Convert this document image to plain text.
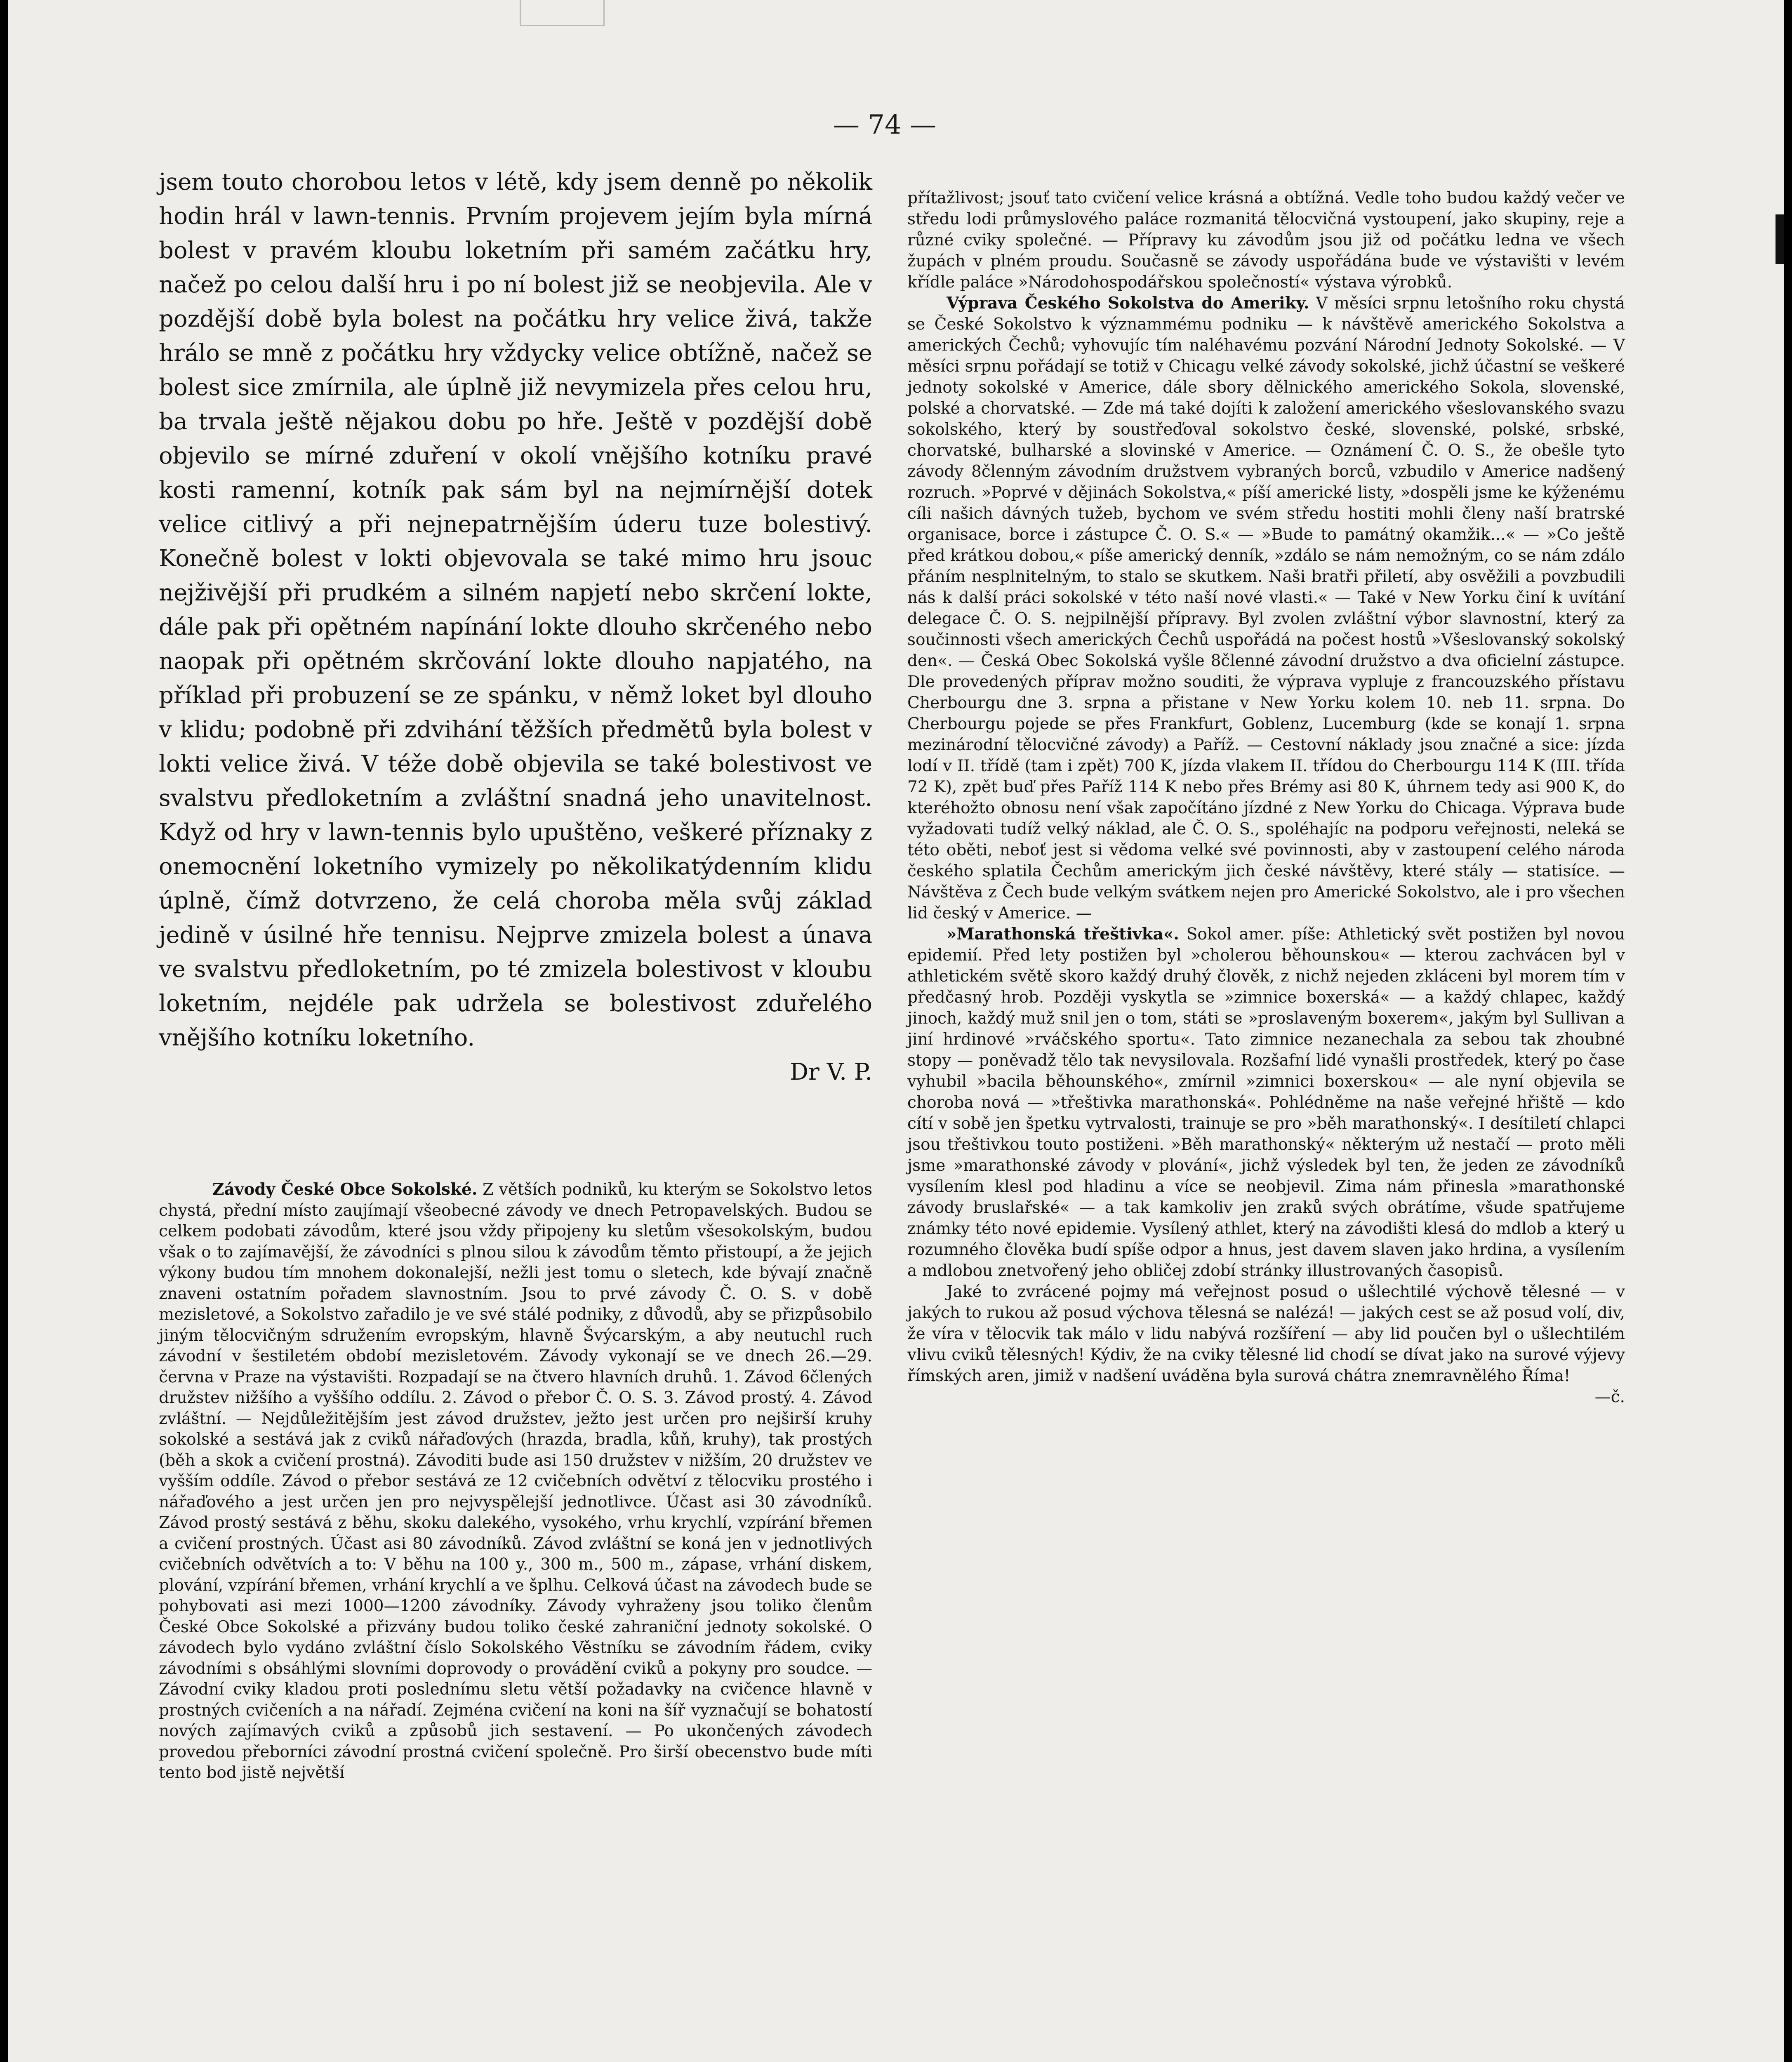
— 74 —

jsem touto chorobou letos v létě, kdy jsem denně po několik hodin hrál v lawn-tennis. Prvním projevem jejím byla mírná bolest v pravém kloubu loketním při samém začátku hry, načež po celou další hru i po ní bolest již se neobjevila. Ale v pozdější době byla bolest na počátku hry velice živá, takže hrálo se mně z počátku hry vždycky velice obtížně, načež se bolest sice zmírnila, ale úplně již nevymizela přes celou hru, ba trvala ještě nějakou dobu po hře. Ještě v pozdější době objevilo se mírné zduření v okolí vnějšího kotníku pravé kosti ramenní, kotník pak sám byl na nejmírnější dotek velice citlivý a při nejnepatrnějším úderu tuze bolestivý. Konečně bolest v lokti objevovala se také mimo hru jsouc nejživější při prudkém a silném napjetí nebo skrčení lokte, dále pak při opětném napínání lokte dlouho skrčeného nebo naopak při opětném skrčování lokte dlouho napjatého, na příklad při probuzení se ze spánku, v němž loket byl dlouho v klidu; podobně při zdvihání těžších předmětů byla bolest v lokti velice živá. V téže době objevila se také bolestivost ve svalstvu předloketním a zvláštní snadná jeho unavitelnost. Když od hry v lawn-tennis bylo upuštěno, veškeré příznaky z onemocnění loketního vymizely po několikatýdenním klidu úplně, čímž dotvrzeno, že celá choroba měla svůj základ jedině v úsilné hře tennisu. Nejprve zmizela bolest a únava ve svalstvu předloketním, po té zmizela bolestivost v kloubu loketním, nejdéle pak udržela se bolestivost zduřelého vnějšího kotníku loketního.

Dr V. P.

Závody České Obce Sokolské. Z větších podniků, ku kterým se Sokolstvo letos chystá, přední místo zaujímají všeobecné závody ve dnech Petropavelských. Budou se celkem podobati závodům, které jsou vždy připojeny ku sletům všesokolským, budou však o to zajímavější, že závodníci s plnou silou k závodům těmto přistoupí, a že jejich výkony budou tím mnohem dokonalejší, nežli jest tomu o sletech, kde bývají značně znaveni ostatním pořadem slavnostním. Jsou to prvé závody Č. O. S. v době mezisletové, a Sokolstvo zařadilo je ve své stálé podniky, z důvodů, aby se přizpůsobilo jiným tělocvičným sdružením evropským, hlavně Švýcarským, a aby neutuchl ruch závodní v šestiletém období mezisletovém. Závody vykonají se ve dnech 26.—29. června v Praze na výstavišti. Rozpadají se na čtvero hlavních druhů. 1. Závod 6člených družstev nižšího a vyššího oddílu. 2. Závod o přebor Č. O. S. 3. Závod prostý. 4. Závod zvláštní. — Nejdůležitějším jest závod družstev, ježto jest určen pro nejširší kruhy sokolské a sestává jak z cviků nářaďových (hrazda, bradla, kůň, kruhy), tak prostých (běh a skok a cvičení prostná). Závoditi bude asi 150 družstev v nižším, 20 družstev ve vyšším oddíle. Závod o přebor sestává ze 12 cvičebních odvětví z tělocviku prostého i nářaďového a jest určen jen pro nejvyspělejší jednotlivce. Účast asi 30 závodníků. Závod prostý sestává z běhu, skoku dalekého, vysokého, vrhu krychlí, vzpírání břemen a cvičení prostných. Účast asi 80 závodníků. Závod zvláštní se koná jen v jednotlivých cvičebních odvětvích a to: V běhu na 100 y., 300 m., 500 m., zápase, vrhání diskem, plování, vzpírání břemen, vrhání krychlí a ve šplhu. Celková účast na závodech bude se pohybovati asi mezi 1000—1200 závodníky. Závody vyhraženy jsou toliko členům České Obce Sokolské a přizvány budou toliko české zahraniční jednoty sokolské. O závodech bylo vydáno zvláštní číslo Sokolského Věstníku se závodním řádem, cviky závodními s obsáhlými slovními doprovody o provádění cviků a pokyny pro soudce. — Závodní cviky kladou proti poslednímu sletu větší požadavky na cvičence hlavně v prostných cvičeních a na nářadí. Zejména cvičení na koni na šíř vyznačují se bohatostí nových zajímavých cviků a způsobů jich sestavení. — Po ukončených závodech provedou přeborníci závodní prostná cvičení společně. Pro širší obecenstvo bude míti tento bod jistě největší

přítažlivost; jsouť tato cvičení velice krásná a obtížná. Vedle toho budou každý večer ve středu lodi průmyslového paláce rozmanitá tělocvičná vystoupení, jako skupiny, reje a různé cviky společné. — Přípravy ku závodům jsou již od počátku ledna ve všech župách v plném proudu. Současně se závody uspořádána bude ve výstavišti v levém křídle paláce »Národohospodářskou společností« výstava výrobků.

Výprava Českého Sokolstva do Ameriky. V měsíci srpnu letošního roku chystá se České Sokolstvo k význammému podniku — k návštěvě amerického Sokolstva a amerických Čechů; vyhovujíc tím naléhavému pozvání Národní Jednoty Sokolské. — V měsíci srpnu pořádají se totiž v Chicagu velké závody sokolské, jichž účastní se veškeré jednoty sokolské v Americe, dále sbory dělnického amerického Sokola, slovenské, polské a chorvatské. — Zde má také dojíti k založení amerického všeslovanského svazu sokolského, který by soustřeďoval sokolstvo české, slovenské, polské, srbské, chorvatské, bulharské a slovinské v Americe. — Oznámení Č. O. S., že obešle tyto závody 8členným závodním družstvem vybraných borců, vzbudilo v Americe nadšený rozruch. »Poprvé v dějinách Sokolstva,« píší americké listy, »dospěli jsme ke kýženému cíli našich dávných tužeb, bychom ve svém středu hostiti mohli členy naší bratrské organisace, borce i zástupce Č. O. S.« — »Bude to památný okamžik...« — »Co ještě před krátkou dobou,« píše americký denník, »zdálo se nám nemožným, co se nám zdálo přáním nesplnitelným, to stalo se skutkem. Naši bratři přiletí, aby osvěžili a povzbudili nás k další práci sokolské v této naší nové vlasti.« — Také v New Yorku činí k uvítání delegace Č. O. S. nejpilnější přípravy. Byl zvolen zvláštní výbor slavnostní, který za součinnosti všech amerických Čechů uspořádá na počest hostů »Všeslovanský sokolský den«. — Česká Obec Sokolská vyšle 8členné závodní družstvo a dva oficielní zástupce. Dle provedených příprav možno souditi, že výprava vypluje z francouzského přístavu Cherbourgu dne 3. srpna a přistane v New Yorku kolem 10. neb 11. srpna. Do Cherbourgu pojede se přes Frankfurt, Goblenz, Lucemburg (kde se konají 1. srpna mezinárodní tělocvičné závody) a Paříž. — Cestovní náklady jsou značné a sice: jízda lodí v II. třídě (tam i zpět) 700 K, jízda vlakem II. třídou do Cherbourgu 114 K (III. třída 72 K), zpět buď přes Paříž 114 K nebo přes Brémy asi 80 K, úhrnem tedy asi 900 K, do kteréhožto obnosu není však započítáno jízdné z New Yorku do Chicaga. Výprava bude vyžadovati tudíž velký náklad, ale Č. O. S., spoléhajíc na podporu veřejnosti, neleká se této oběti, neboť jest si vědoma velké své povinnosti, aby v zastoupení celého národa českého splatila Čechům americkým jich české návštěvy, které stály — statisíce. — Návštěva z Čech bude velkým svátkem nejen pro Americké Sokolstvo, ale i pro všechen lid český v Americe. —

»Marathonská třeštivka«. Sokol amer. píše: Athletický svět postižen byl novou epidemií. Před lety postižen byl »cholerou běhounskou« — kterou zachvácen byl v athletickém světě skoro každý druhý člověk, z nichž nejeden zkláceni byl morem tím v předčasný hrob. Později vyskytla se »zimnice boxerská« — a každý chlapec, každý jinoch, každý muž snil jen o tom, státi se »proslaveným boxerem«, jakým byl Sullivan a jiní hrdinové »rváčského sportu«. Tato zimnice nezanechala za sebou tak zhoubné stopy — poněvadž tělo tak nevysilovala. Rozšafní lidé vynašli prostředek, který po čase vyhubil »bacila běhounského«, zmírnil »zimnici boxerskou« — ale nyní objevila se choroba nová — »třeštivka marathonská«. Pohlédněme na naše veřejné hřiště — kdo cítí v sobě jen špetku vytrvalosti, trainuje se pro »běh marathonský«. I desítiletí chlapci jsou třeštivkou touto postiženi. »Běh marathonský« některým už nestačí — proto měli jsme »marathonské závody v plování«, jichž výsledek byl ten, že jeden ze závodníků vysílením klesl pod hladinu a více se neobjevil. Zima nám přinesla »marathonské závody bruslařské« — a tak kamkoliv jen zraků svých obrátíme, všude spatřujeme známky této nové epidemie. Vysílený athlet, který na závodišti klesá do mdlob a který u rozumného člověka budí spíše odpor a hnus, jest davem slaven jako hrdina, a vysílením a mdlobou znetvořený jeho obličej zdobí stránky illustrovaných časopisů.

Jaké to zvrácené pojmy má veřejnost posud o ušlechtilé výchově tělesné — v jakých to rukou až posud výchova tělesná se nalézá! — jakých cest se až posud volí, div, že víra v tělocvik tak málo v lidu nabývá rozšíření — aby lid poučen byl o ušlechtilém vlivu cviků tělesných! Kýdiv, že na cviky tělesné lid chodí se dívat jako na surové výjevy římských aren, jimiž v nadšení uváděna byla surová chátra znemravnělého Říma!
—č.
